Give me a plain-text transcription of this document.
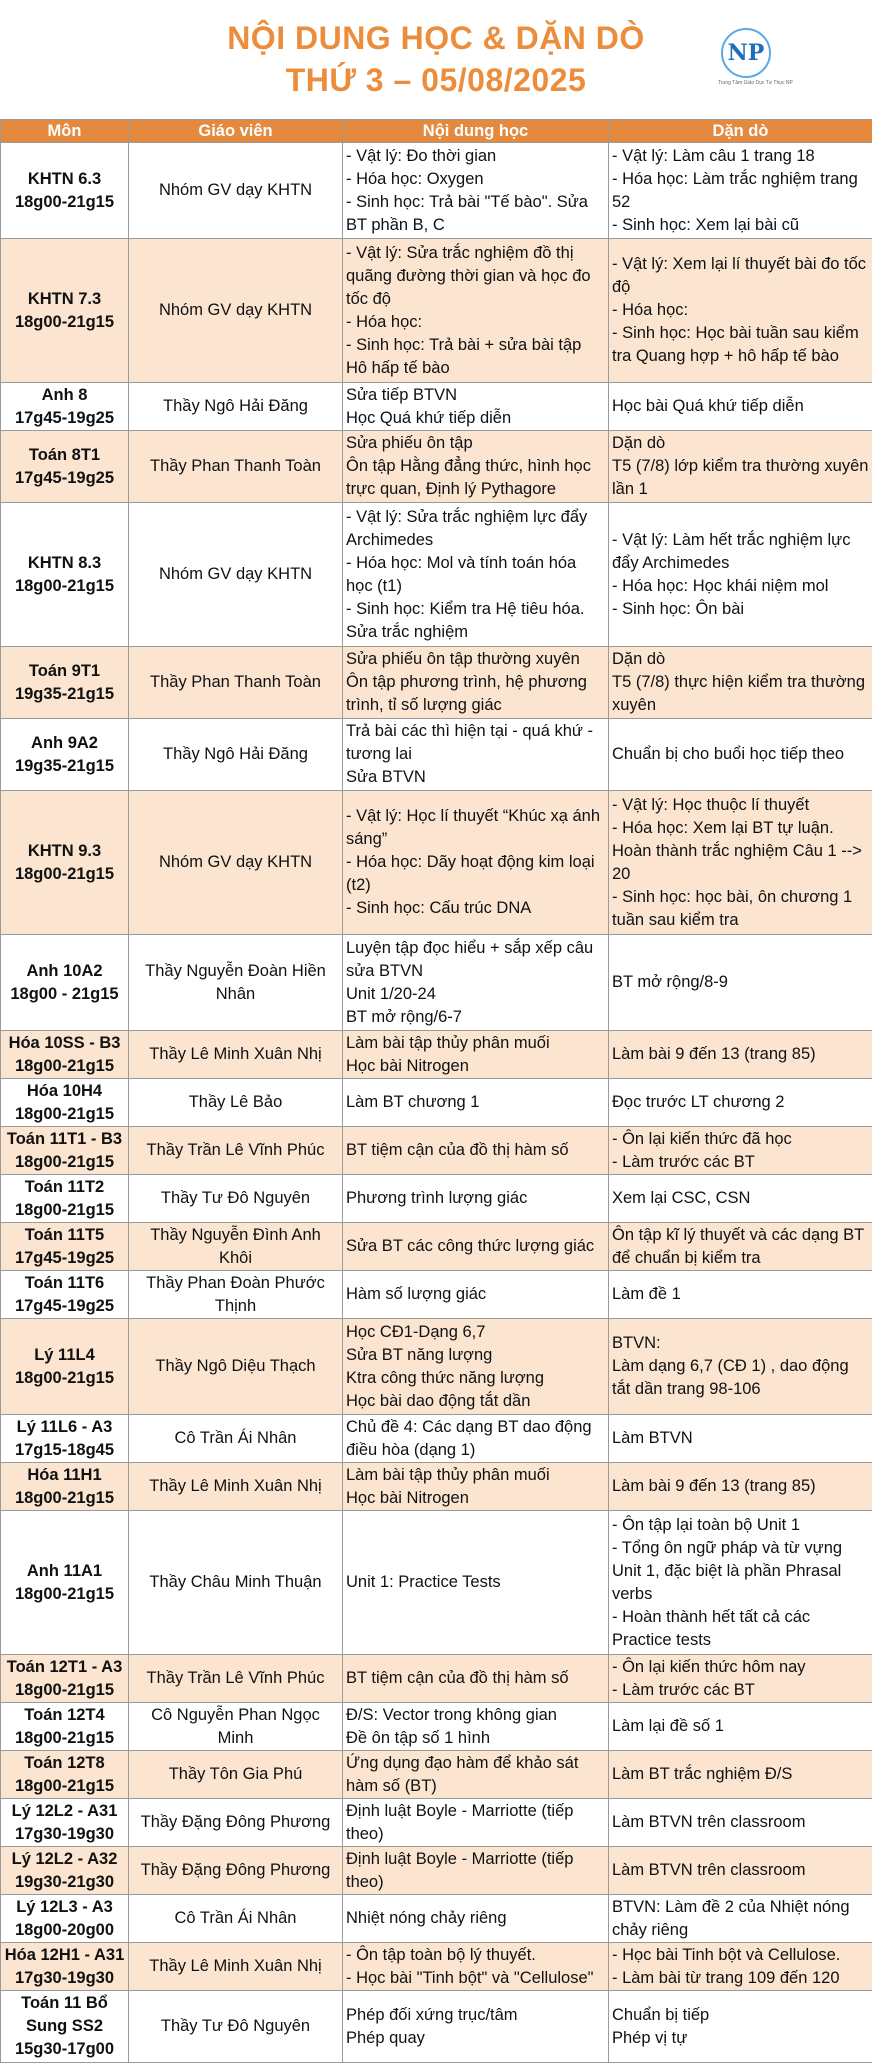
NỘI DUNG HỌC & DẶN DÒ
THỨ 3 – 05/08/2025
NP
Trung Tâm Giáo Dục Tư Thục NP
Môn	Giáo viên	Nội dung học	Dặn dò

KHTN 6.3
18g00-21g15	Nhóm GV dạy KHTN	- Vật lý: Đo thời gian
- Hóa học: Oxygen
- Sinh học: Trả bài "Tế bào". Sửa BT phần B, C	- Vật lý: Làm câu 1 trang 18
- Hóa học: Làm trắc nghiệm trang 52
- Sinh học: Xem lại bài cũ

KHTN 7.3
18g00-21g15	Nhóm GV dạy KHTN	- Vật lý: Sửa trắc nghiệm đồ thị quãng đường thời gian và học đo tốc độ
- Hóa học:
- Sinh học: Trả bài + sửa bài tập Hô hấp tế bào	- Vật lý: Xem lại lí thuyết bài đo tốc độ
- Hóa học:
- Sinh học: Học bài tuần sau kiểm tra Quang hợp + hô hấp tế bào

Anh 8
17g45-19g25	Thầy Ngô Hải Đăng	Sửa tiếp BTVN
Học Quá khứ tiếp diễn	Học bài Quá khứ tiếp diễn

Toán 8T1
17g45-19g25	Thầy Phan Thanh Toàn	Sửa phiếu ôn tập
Ôn tập Hằng đẳng thức, hình học trực quan, Định lý Pythagore	Dặn dò
T5 (7/8) lớp kiểm tra thường xuyên lần 1

KHTN 8.3
18g00-21g15	Nhóm GV dạy KHTN	- Vật lý: Sửa trắc nghiệm lực đẩy Archimedes
- Hóa học: Mol và tính toán hóa học (t1)
- Sinh học: Kiểm tra Hệ tiêu hóa. Sửa trắc nghiệm	- Vật lý: Làm hết trắc nghiệm lực đẩy Archimedes
- Hóa học: Học khái niệm mol
- Sinh học: Ôn bài

Toán 9T1
19g35-21g15	Thầy Phan Thanh Toàn	Sửa phiếu ôn tập thường xuyên
Ôn tập phương trình, hệ phương trình, tỉ số lượng giác	Dặn dò
T5 (7/8) thực hiện kiểm tra thường xuyên

Anh 9A2
19g35-21g15	Thầy Ngô Hải Đăng	Trả bài các thì hiện tại - quá khứ - tương lai
Sửa BTVN	Chuẩn bị cho buổi học tiếp theo

KHTN 9.3
18g00-21g15	Nhóm GV dạy KHTN	- Vật lý: Học lí thuyết “Khúc xạ ánh sáng”
- Hóa học: Dãy hoạt động kim loại (t2)
- Sinh học: Cấu trúc DNA	- Vật lý: Học thuộc lí thuyết
- Hóa học: Xem lại BT tự luận. Hoàn thành trắc nghiệm Câu 1 --> 20
- Sinh học: học bài, ôn chương 1 tuần sau kiểm tra

Anh 10A2
18g00 - 21g15	Thầy Nguyễn Đoàn Hiền Nhân	Luyện tập đọc hiểu + sắp xếp câu
sửa BTVN
Unit 1/20-24
BT mở rộng/6-7	BT mở rộng/8-9

Hóa 10SS - B3
18g00-21g15	Thầy Lê Minh Xuân Nhị	Làm bài tập thủy phân muối
Học bài Nitrogen	Làm bài 9 đến 13 (trang 85)

Hóa 10H4
18g00-21g15	Thầy Lê Bảo	Làm BT chương 1	Đọc trước LT chương 2

Toán 11T1 - B3
18g00-21g15	Thầy Trần Lê Vĩnh Phúc	BT tiệm cận của đồ thị hàm số	- Ôn lại kiến thức đã học
- Làm trước các BT

Toán 11T2
18g00-21g15	Thầy Tư Đô Nguyên	Phương trình lượng giác	Xem lại CSC, CSN

Toán 11T5
17g45-19g25	Thầy Nguyễn Đình Anh Khôi	Sửa BT các công thức lượng giác	Ôn tập kĩ lý thuyết và các dạng BT để chuẩn bị kiểm tra

Toán 11T6
17g45-19g25	Thầy Phan Đoàn Phước Thịnh	Hàm số lượng giác	Làm đề 1

Lý 11L4
18g00-21g15	Thầy Ngô Diệu Thạch	Học CĐ1-Dạng 6,7
Sửa BT năng lượng
Ktra công thức năng lượng
Học bài dao động tắt dần	BTVN:
Làm dạng 6,7 (CĐ 1) , dao động tắt dần trang 98-106

Lý 11L6 - A3
17g15-18g45	Cô Trần Ái Nhân	Chủ đề 4: Các dạng BT dao động điều hòa (dạng 1)	Làm BTVN

Hóa 11H1
18g00-21g15	Thầy Lê Minh Xuân Nhị	Làm bài tập thủy phân muối
Học bài Nitrogen	Làm bài 9 đến 13 (trang 85)

Anh 11A1
18g00-21g15	Thầy Châu Minh Thuận	Unit 1: Practice Tests	- Ôn tập lại toàn bộ Unit 1
- Tổng ôn ngữ pháp và từ vựng Unit 1, đặc biệt là phần Phrasal verbs
- Hoàn thành hết tất cả các Practice tests

Toán 12T1 - A3
18g00-21g15	Thầy Trần Lê Vĩnh Phúc	BT tiệm cận của đồ thị hàm số	- Ôn lại kiến thức hôm nay
- Làm trước các BT

Toán 12T4
18g00-21g15	Cô Nguyễn Phan Ngọc Minh	Đ/S: Vector trong không gian
Đề ôn tập số 1 hình	Làm lại đề số 1

Toán 12T8
18g00-21g15	Thầy Tôn Gia Phú	Ứng dụng đạo hàm để khảo sát hàm số (BT)	Làm BT trắc nghiệm Đ/S

Lý 12L2 - A31
17g30-19g30	Thầy Đặng Đông Phương	Định luật Boyle - Marriotte (tiếp theo)	Làm BTVN trên classroom

Lý 12L2 - A32
19g30-21g30	Thầy Đặng Đông Phương	Định luật Boyle - Marriotte (tiếp theo)	Làm BTVN trên classroom

Lý 12L3 - A3
18g00-20g00	Cô Trần Ái Nhân	Nhiệt nóng chảy riêng	BTVN: Làm đề 2 của Nhiệt nóng chảy riêng

Hóa 12H1 - A31
17g30-19g30	Thầy Lê Minh Xuân Nhị	- Ôn tập toàn bộ lý thuyết.
- Học bài "Tinh bột" và "Cellulose"	- Học bài Tinh bột và Cellulose.
- Làm bài từ trang 109 đến 120

Toán 11 Bổ
Sung SS2
15g30-17g00	Thầy Tư Đô Nguyên	Phép đối xứng trục/tâm
Phép quay	Chuẩn bị tiếp
Phép vị tự
